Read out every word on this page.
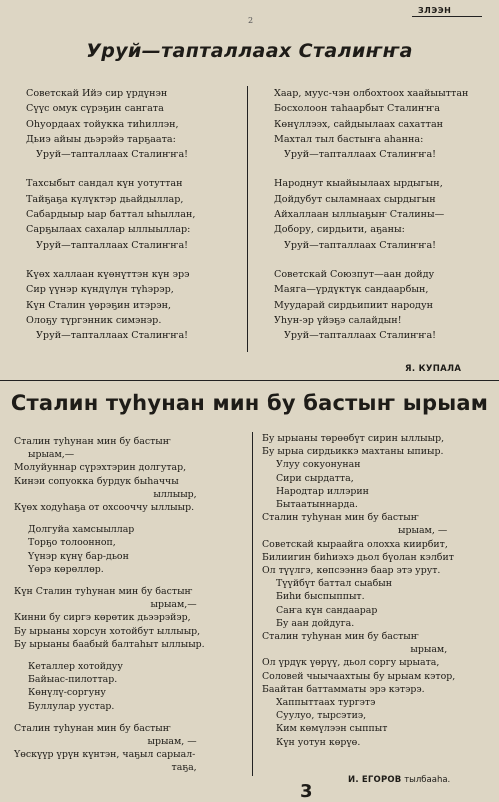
2
ЗЛЭЭН
Уруй—тапталлаах Сталиҥҥа
Советскай Ийэ сир үрдүнэн
Сүүс омук сүрэҕин сангата
Оһуордаах тойукка тиһиллэн,
Дьиэ айыы дьэрэйэ тарҕаата:
Уруй—тапталлаах Сталиҥҥа!
Тахсыбыт сандал күн уотуттан
Тайҕаҕа күлүктэр дьайдыллар,
Сабардыыр ыар баттал ыһыллан,
Сарҕылаах сахалар ыллыыллар:
Уруй—тапталлаах Сталиҥҥа!
Күөх халлаан күөнүттэн күн эрэ
Сир үүнэр күндүлүн түһэрэр,
Күн Сталин үөрэҕин итэрэн,
Олоҕу түргэнник симэнэр.
Уруй—тапталлаах Сталиҥҥа!
Хаар, муус-чэн олбохтоох хаайыыттан
Босхолоон таһаарбыт Сталиҥҥа
Көнүллээх, сайдыылаах сахаттан
Махтал тыл бастыҥа аһанна:
Уруй—тапталлаах Сталиҥҥа!
Народнут кыайыылаах ырдыгын,
Дойдубут сыламнаах сырдыгын
Айхаллаан ыллыаҕыҥ Сталины—
Добору, сирдьити, аҕаны:
Уруй—тапталлаах Сталиҥҥа!
Советскай Союзпут—аан дойду
Маяга—үрдүктүк сандаарбын,
Муударай сирдьипиит народун
Уһун-эр үйэҕэ салайдын!
Уруй—тапталлаах Сталиҥҥа!
Я. КУПАЛА
Сталин туһунан мин бу бастыҥ ырыам
Сталин туһунан мин бу бастыҥ
ырыам,—
Молуйуннар сүрэхтэрин долгутар,
Кинэи сопуокка бурдук быһаччы
ыллыыр,
Күөх ходуһаҕа от охсооччу ыллыыр.
Долгуйа хамсыыллар
Торҕо толоонноп,
Үүнэр күнү бар-дьон
Үөрэ көрөллөр.
Күн Сталин туһунан мин бу бастыҥ
ырыам,—
Кинни бу сиргэ көрөтик дьээрэйэр,
Бу ырыаны хорсун хотойбут ыллыыр,
Бу ырыаны баабый балтаһыт ыллыыр.
Кеталлер хотойдуу
Байыас-пилоттар.
Көнүлү-соргуну
Буллулар уустар.
Сталин туһунан мин бу бастыҥ
ырыам, —
Үөскүүр үрүн күнтэн, чаҕыл сарыал-
таҕа,
Бу ырыаны төрөөбүт сирин ыллыыр,
Бу ырыа сирдьиккэ махтаны ыпиыр.
Улуу сокуонунан
Сири сырдатта,
Народтар иллэрин
Бытаатыннарда.
Сталин туһунан мин бу бастыҥ
ырыам, —
Советскай кыраайга олохха киирбит,
Билиигин биһиэхэ дьол бүолан кэлбит
Ол түүлгэ, көпсээннэ баар этэ урут.
Түүйбүт баттал сыабын
Биһи быспыппыт.
Саҥа күн сандаарар
Бу аан дойдуга.
Сталин туһунан мин бу бастыҥ
ырыам,
Ол үрдүк үөрүү, дьол соргу ырыата,
Соловей чыычаахтыы бу ырыам кэтор,
Баайтан баттамматы эрэ кэтэрэ.
Хаппыттаах тургэтэ
Суулуо, тырсэтиэ,
Ким көмүлээн сыппыт
Күн уотун көрүө.
И. ЕГОРОВ тылбааһа.
3
